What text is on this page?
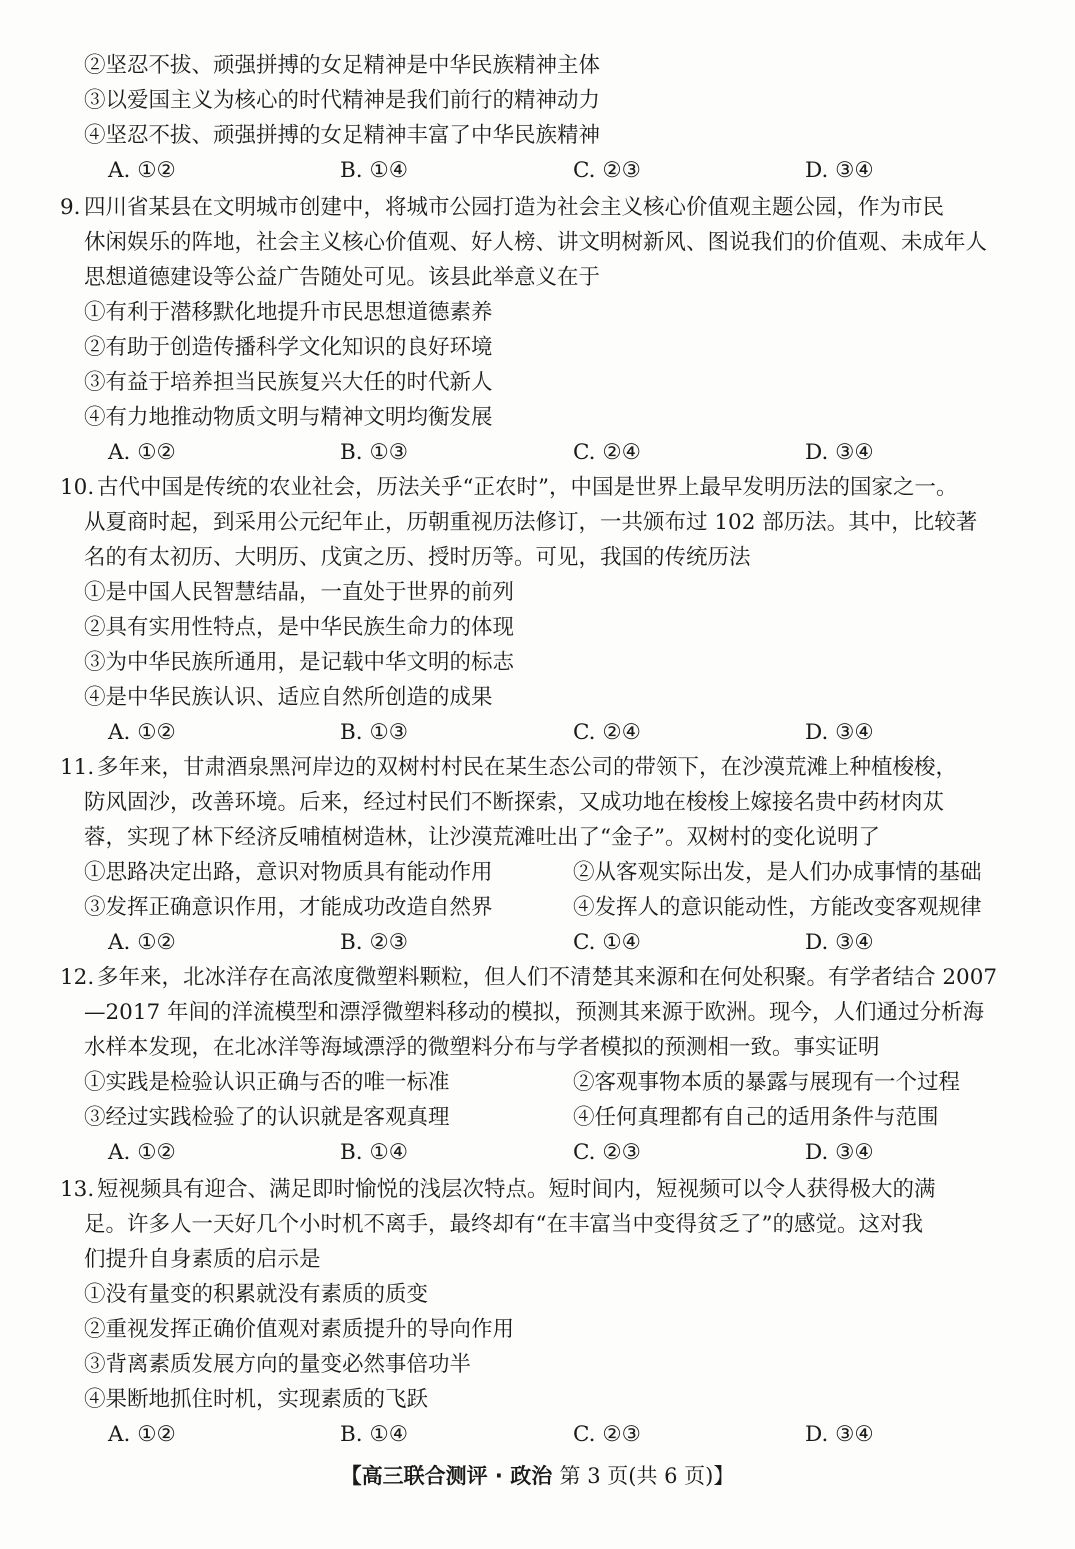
②坚忍不拔、顽强拼搏的女足精神是中华民族精神主体
③以爱国主义为核心的时代精神是我们前行的精神动力
④坚忍不拔、顽强拼搏的女足精神丰富了中华民族精神
A. ①②	B. ①④	C. ②③	D. ③④
9. 四川省某县在文明城市创建中，将城市公园打造为社会主义核心价值观主题公园，作为市民
休闲娱乐的阵地，社会主义核心价值观、好人榜、讲文明树新风、图说我们的价值观、未成年人
思想道德建设等公益广告随处可见。该县此举意义在于
①有利于潜移默化地提升市民思想道德素养
②有助于创造传播科学文化知识的良好环境
③有益于培养担当民族复兴大任的时代新人
④有力地推动物质文明与精神文明均衡发展
A. ①②	B. ①③	C. ②④	D. ③④
10. 古代中国是传统的农业社会，历法关乎“正农时”，中国是世界上最早发明历法的国家之一。
从夏商时起，到采用公元纪年止，历朝重视历法修订，一共颁布过 102 部历法。其中，比较著
名的有太初历、大明历、戊寅之历、授时历等。可见，我国的传统历法
①是中国人民智慧结晶，一直处于世界的前列
②具有实用性特点，是中华民族生命力的体现
③为中华民族所通用，是记载中华文明的标志
④是中华民族认识、适应自然所创造的成果
A. ①②	B. ①③	C. ②④	D. ③④
11. 多年来，甘肃酒泉黑河岸边的双树村村民在某生态公司的带领下，在沙漠荒滩上种植梭梭，
防风固沙，改善环境。后来，经过村民们不断探索，又成功地在梭梭上嫁接名贵中药材肉苁
蓉，实现了林下经济反哺植树造林，让沙漠荒滩吐出了“金子”。双树村的变化说明了
①思路决定出路，意识对物质具有能动作用	②从客观实际出发，是人们办成事情的基础
③发挥正确意识作用，才能成功改造自然界	④发挥人的意识能动性，方能改变客观规律
A. ①②	B. ②③	C. ①④	D. ③④
12. 多年来，北冰洋存在高浓度微塑料颗粒，但人们不清楚其来源和在何处积聚。有学者结合 2007
—2017 年间的洋流模型和漂浮微塑料移动的模拟，预测其来源于欧洲。现今，人们通过分析海
水样本发现，在北冰洋等海域漂浮的微塑料分布与学者模拟的预测相一致。事实证明
①实践是检验认识正确与否的唯一标准	②客观事物本质的暴露与展现有一个过程
③经过实践检验了的认识就是客观真理	④任何真理都有自己的适用条件与范围
A. ①②	B. ①④	C. ②③	D. ③④
13. 短视频具有迎合、满足即时愉悦的浅层次特点。短时间内，短视频可以令人获得极大的满
足。许多人一天好几个小时机不离手，最终却有“在丰富当中变得贫乏了”的感觉。这对我
们提升自身素质的启示是
①没有量变的积累就没有素质的质变
②重视发挥正确价值观对素质提升的导向作用
③背离素质发展方向的量变必然事倍功半
④果断地抓住时机，实现素质的飞跃
A. ①②	B. ①④	C. ②③	D. ③④
【高三联合测评 · 政治 第 3 页(共 6 页)】
